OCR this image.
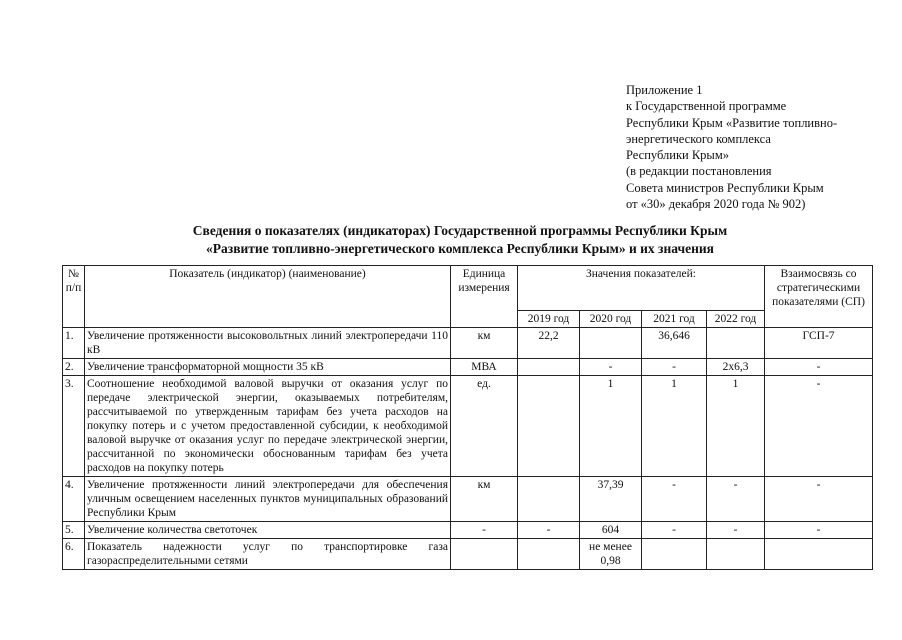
Приложение 1
к Государственной программе
Республики Крым «Развитие топливно-
энергетического комплекса
Республики Крым»
(в редакции постановления
Совета министров Республики Крым
от «30» декабря 2020 года № 902)
Сведения о показателях (индикаторах) Государственной программы Республики Крым
«Развитие топливно-энергетического комплекса Республики Крым» и их значения
№ п/п	Показатель (индикатор) (наименование)	Единица измерения	Значения показателей:				Взаимосвязь со стратегическими показателями (СП)
			2019 год	2020 год	2021 год	2022 год	
1.	Увеличение протяженности высоковольтных линий электропередачи 110 кВ	км	22,2		36,646		ГСП-7
2.	Увеличение трансформаторной мощности 35 кВ	МВА		-	-	2х6,3	-
3.	Соотношение необходимой валовой выручки от оказания услуг по передаче электрической энергии, оказываемых потребителям, рассчитываемой по утвержденным тарифам без учета расходов на покупку потерь и с учетом предоставленной субсидии, к необходимой валовой выручке от оказания услуг по передаче электрической энергии, рассчитанной по экономически обоснованным тарифам без учета расходов на покупку потерь	ед.		1	1	1	-
4.	Увеличение протяженности линий электропередачи для обеспечения уличным освещением населенных пунктов муниципальных образований Республики Крым	км		37,39	-	-	-
5.	Увеличение количества светоточек	-	-	604	-	-	-
6.	Показатель надежности услуг по транспортировке газа газораспределительными сетями			не менее 0,98			
